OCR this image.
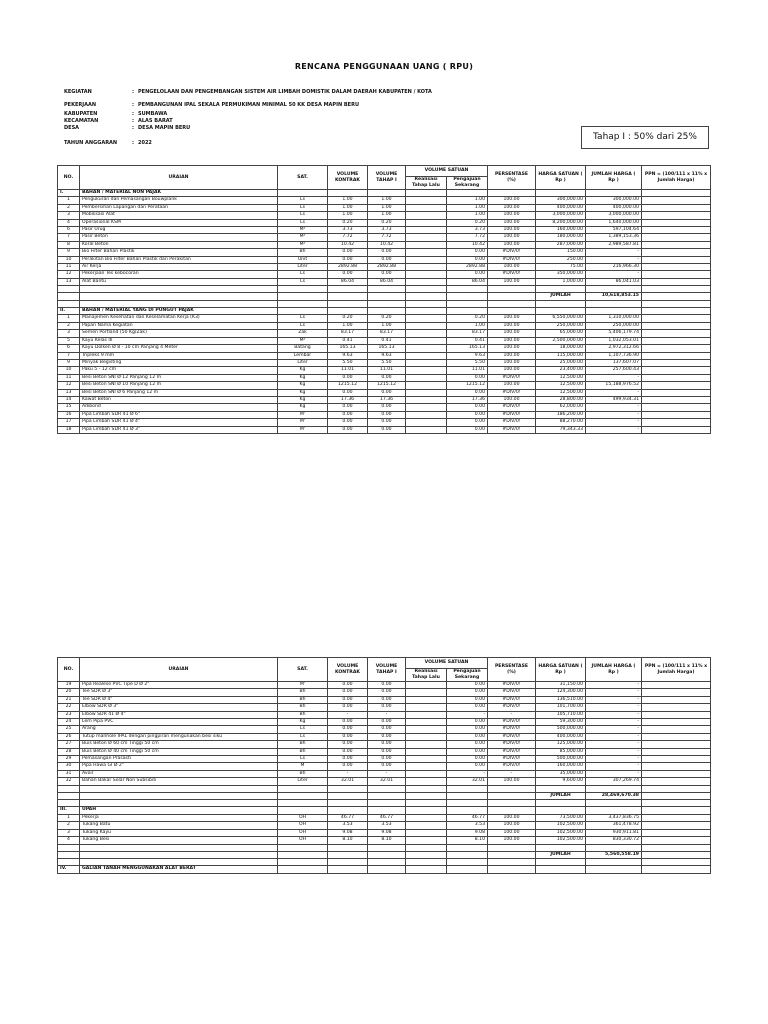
RENCANA PENGGUNAAN UANG ( RPU)
KEGIATAN	: PENGELOLAAN DAN PENGEMBANGAN SISTEM AIR LIMBAH DOMISTIK DALAM DAERAH KABUPATEN / KOTA
PEKERJAAN	: PEMBANGUNAN IPAL SEKALA PERMUKIMAN MINIMAL 50 KK DESA MAPIN BERU
KABUPATEN	: SUMBAWA
KECAMATAN	: ALAS BARAT
DESA	: DESA MAPIN BERU
TAHUN ANGGARAN	: 2022
Tahap I : 50% dari 25%
NO.	URAIAN	SAT.	VOLUME KONTRAK	VOLUME TAHAP I	VOLUME SATUAN		PERSENTASE (%)	HARGA SATUAN ( Rp )	JUMLAH HARGA ( Rp )	PPN = (100/111 x 11% x Jumlah Harga)
					Realisasi Tahap Lalu	Pengajuan Sekarang				
I.	BAHAN / MATERIAL NON PAJAK									
1	Pengukuran dan Pemasangan Bouwplank	Ls	1.00	1.00		1.00	100.00	300,000.00	300,000.00	
2	Pembersihan Lapangan dan Perataan	Ls	1.00	1.00		1.00	100.00	400,000.00	400,000.00	
3	Mobilisasi Alat	Ls	1.00	1.00		1.00	100.00	3,000,000.00	3,000,000.00	
4	Operasional KSM	Ls	0.20	0.20		0.20	100.00	8,200,000.00	1,640,000.00	
6	Pasir Urug	M³	3.73	3.73		3.73	100.00	160,000.00	597,104.64	
7	Pasir Beton	M³	7.72	7.72		7.72	100.00	180,000.00	1,389,153.36	
8	Koral Beton	M³	10.42	10.42		10.42	100.00	287,000.00	2,989,587.81	
9	Bio Filter Bahan Plastik	Bh	0.00	0.00		0.00	#DIV/0!	150.00	-	
10	Perakitan Bio Filter Bahan Plastik dan Perakitan	Unit	0.00	0.00		0.00	#DIV/0!	250.00	-	
11	Air Kerja	Liter	2892.88	2892.88		2892.88	100.00	75.00	216,966.30	
12	Pekerjaan Tes kebocoran	Ls	0.00	0.00		0.00	#DIV/0!	350,000.00	-	
13	Alat Bantu	Ls	86.04	86.04		86.04	100.00	1,000.00	86,041.03	

								JUMLAH	10,618,853.15	

II.	BAHAN / MATERIAL YANG DI PUNGUT PAJAK									
1	Manajemen Kesehatan dan Keselamatan Kerja (K3)	Ls	0.20	0.20		0.20	100.00	6,550,000.00	1,310,000.00	
2	Papan Nama Kegiatan	Ls	1.00	1.00		1.00	100.00	250,000.00	250,000.00	
3	Semen Portland (50 Kg/Zak)	Zak	83.17	83.17		83.17	100.00	65,000.00	5,406,179.74	
5	Kayu Kelas III	M³	0.41	0.41		0.41	100.00	2,500,000.00	1,032,053.01	
6	Kayu Dolken Ø 8 - 10 cm Panjang 4 Meter	Batang	165.13	165.13		165.13	100.00	18,000.00	2,972,312.66	
7	Tripleks 9 mm	Lembar	9.63	9.63		9.63	100.00	115,000.00	1,107,736.90	
9	Minyak Begisting	Liter	5.50	5.50		5.50	100.00	25,000.00	137,607.07	
10	Paku 5 - 12 cm	Kg	11.01	11.01		11.01	100.00	23,400.00	257,600.43	
11	Besi Beton SNI Ø 12 Panjang 12 m	Kg	0.00	0.00		0.00	#DIV/0!	12,500.00	-	
12	Besi Beton SNI Ø 10 Panjang 12 m	Kg	1215.12	1215.12		1215.12	100.00	12,500.00	15,188,976.52	
13	Besi Beton SNI Ø 6 Panjang 12 m	Kg	0.00	0.00		0.00	#DIV/0!	12,500.00	-	
14	Kawat Beton	Kg	17.36	17.36		17.36	100.00	28,800.00	499,934.31	
15	Adibond	Kg	0.00	0.00		0.00	#DIV/0!	62,000.00	-	
16	Pipa Limbah SDR 41 Ø 6"	M'	0.00	0.00		0.00	#DIV/0!	186,200.00	-	
17	Pipa Limbah SDR 41 Ø 4"	M'	0.00	0.00		0.00	#DIV/0!	88,270.00	-	
18	Pipa Limbah SDR 41 Ø 3"	M'	0.00	0.00		0.00	#DIV/0!	79,343.33	-	
NO.	URAIAN	SAT.	VOLUME KONTRAK	VOLUME TAHAP I	VOLUME SATUAN		PERSENTASE (%)	HARGA SATUAN ( Rp )	JUMLAH HARGA ( Rp )	PPN = (100/111 x 11% x Jumlah Harga)
					Realisasi Tahap Lalu	Pengajuan Sekarang				
19	Pipa Realese PVC Tipe D Ø 2"	M'	0.00	0.00		0.00	#DIV/0!	31,150.00	-	
20	Tee SDR Ø 3"	Bh	0.00	0.00		0.00	#DIV/0!	124,300.00	-	
21	Tee SDR Ø 4"	Bh	0.00	0.00		0.00	#DIV/0!	136,510.00	-	
22	Elbow SDR Ø 3"	Bh	0.00	0.00		0.00	#DIV/0!	101,700.00	-	
23	Elbow SDR 41 Ø 4"	Bh	-	-		-	-	105,710.00	-	
24	Lem Pipa PVC	Kg	0.00	0.00		0.00	#DIV/0!	59,300.00	-	
25	Arang	Ls	0.00	0.00		0.00	#DIV/0!	500,000.00	-	
26	Tutup manhole IPAL dengan pingpiran mengunakan besi siku	Ls	0.00	0.00		0.00	#DIV/0!	400,000.00	-	
27	Buis Beton Ø 60 cm Tinggi 50 cm	Bh	0.00	0.00		0.00	#DIV/0!	125,000.00	-	
28	Buis Beton Ø 40 cm Tinggi 50 cm	Bh	0.00	0.00		0.00	#DIV/0!	85,000.00	-	
29	Pemasangan Prasasti	Ls	0.00	0.00		0.00	#DIV/0!	500,000.00	-	
30	Pipa Hawa GI Ø 2"	M	0.00	0.00		0.00	#DIV/0!	160,000.00	-	
31	Avoir	Bh	-	-		-	-	35,000.00	-	
32	Bahan Bakar Solar Non Subsibdi	Liter	32.01	32.01		32.01	100.00	9,600.00	307,269.74	

								JUMLAH	28,469,670.38	

III.	UPAH									
1	Pekerja	OH	46.77	46.77		46.77	100.00	73,500.00	3,437,836.75	
2	Tukang Batu	OH	3.53	3.53		3.53	100.00	102,500.00	361,478.92	
3	Tukang Kayu	OH	9.08	9.08		9.08	100.00	102,500.00	930,911.81	
4	Tukang Besi	OH	8.10	8.10		8.10	100.00	102,500.00	830,330.72	

								JUMLAH	5,560,558.19	

IV.	GALIAN TANAH MENGGUNAKAN ALAT BERAT									
